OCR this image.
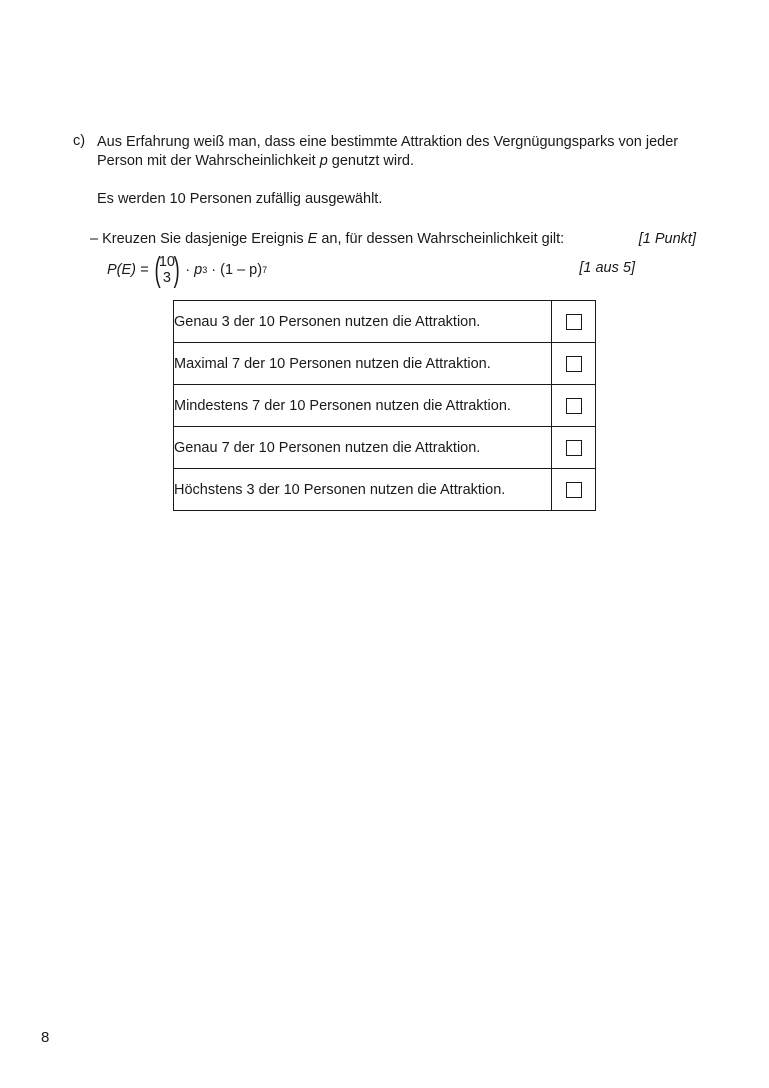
c) Aus Erfahrung weiß man, dass eine bestimmte Attraktion des Vergnügungsparks von jeder
Person mit der Wahrscheinlichkeit p genutzt wird.
Es werden 10 Personen zufällig ausgewählt.
– Kreuzen Sie dasjenige Ereignis E an, für dessen Wahrscheinlichkeit gilt:	[1 Punkt]
P(E) = (
10
3 ) ·
p 3
·
(1 – p) 7	[1 aus 5]
Genau 3 der 10 Personen nutzen die Attraktion.	
Maximal 7 der 10 Personen nutzen die Attraktion.	
Mindestens 7 der 10 Personen nutzen die Attraktion.	
Genau 7 der 10 Personen nutzen die Attraktion.	
Höchstens 3 der 10 Personen nutzen die Attraktion.	
8
